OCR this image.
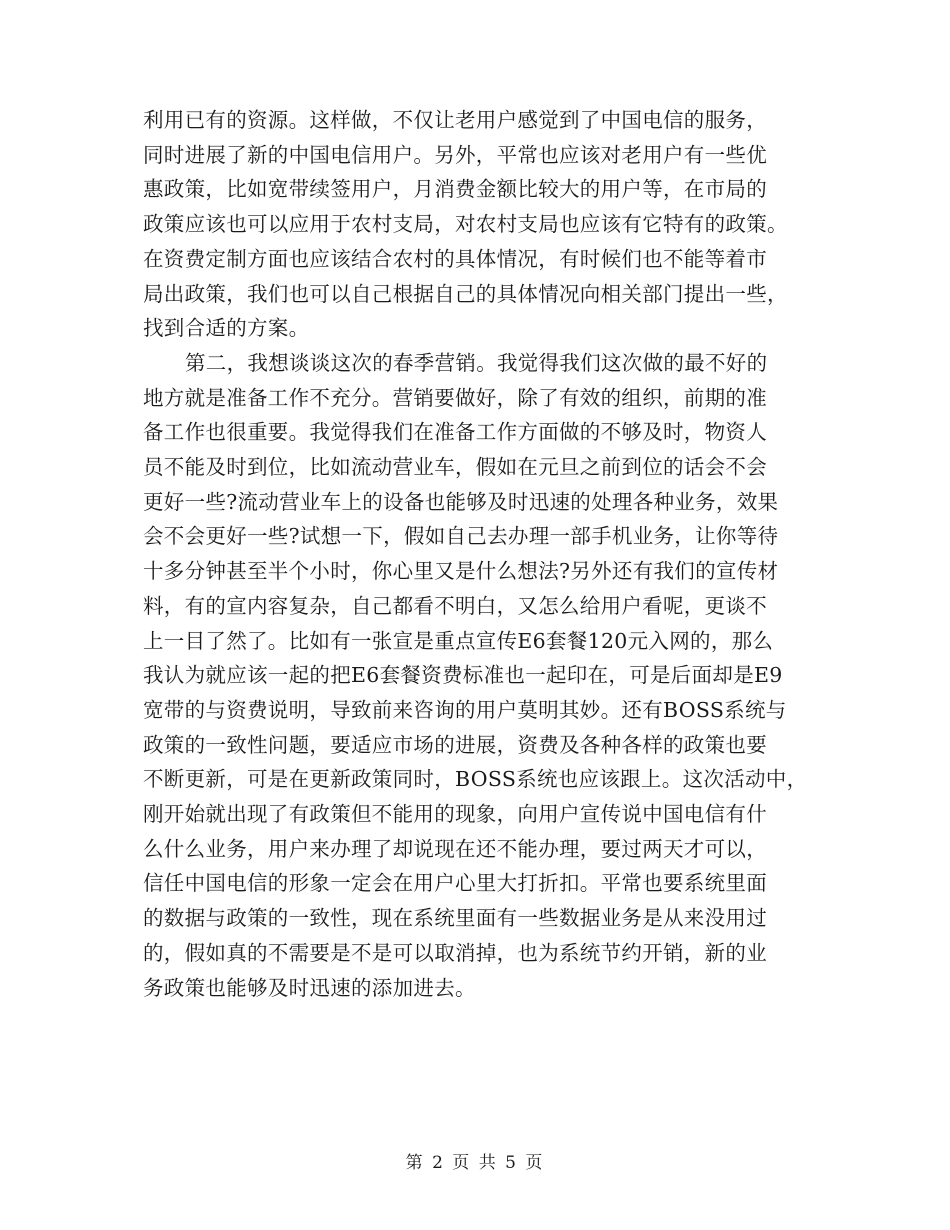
利用已有的资源。这样做，不仅让老用户感觉到了中国电信的服务，
同时进展了新的中国电信用户。另外，平常也应该对老用户有一些优
惠政策，比如宽带续签用户，月消费金额比较大的用户等，在市局的
政策应该也可以应用于农村支局，对农村支局也应该有它特有的政策。
在资费定制方面也应该结合农村的具体情况，有时候们也不能等着市
局出政策，我们也可以自己根据自己的具体情况向相关部门提出一些，
找到合适的方案。

第二，我想谈谈这次的春季营销。我觉得我们这次做的最不好的
地方就是准备工作不充分。营销要做好，除了有效的组织，前期的准
备工作也很重要。我觉得我们在准备工作方面做的不够及时，物资人
员不能及时到位，比如流动营业车，假如在元旦之前到位的话会不会
更好一些?流动营业车上的设备也能够及时迅速的处理各种业务，效果
会不会更好一些?试想一下，假如自己去办理一部手机业务，让你等待
十多分钟甚至半个小时，你心里又是什么想法?另外还有我们的宣传材
料，有的宣内容复杂，自己都看不明白，又怎么给用户看呢，更谈不
上一目了然了。比如有一张宣是重点宣传E6套餐120元入网的，那么
我认为就应该一起的把E6套餐资费标准也一起印在，可是后面却是E9
宽带的与资费说明，导致前来咨询的用户莫明其妙。还有BOSS系统与
政策的一致性问题，要适应市场的进展，资费及各种各样的政策也要
不断更新，可是在更新政策同时，BOSS系统也应该跟上。这次活动中，
刚开始就出现了有政策但不能用的现象，向用户宣传说中国电信有什
么什么业务，用户来办理了却说现在还不能办理，要过两天才可以，
信任中国电信的形象一定会在用户心里大打折扣。平常也要系统里面
的数据与政策的一致性，现在系统里面有一些数据业务是从来没用过
的，假如真的不需要是不是可以取消掉，也为系统节约开销，新的业
务政策也能够及时迅速的添加进去。

第 2 页 共 5 页
